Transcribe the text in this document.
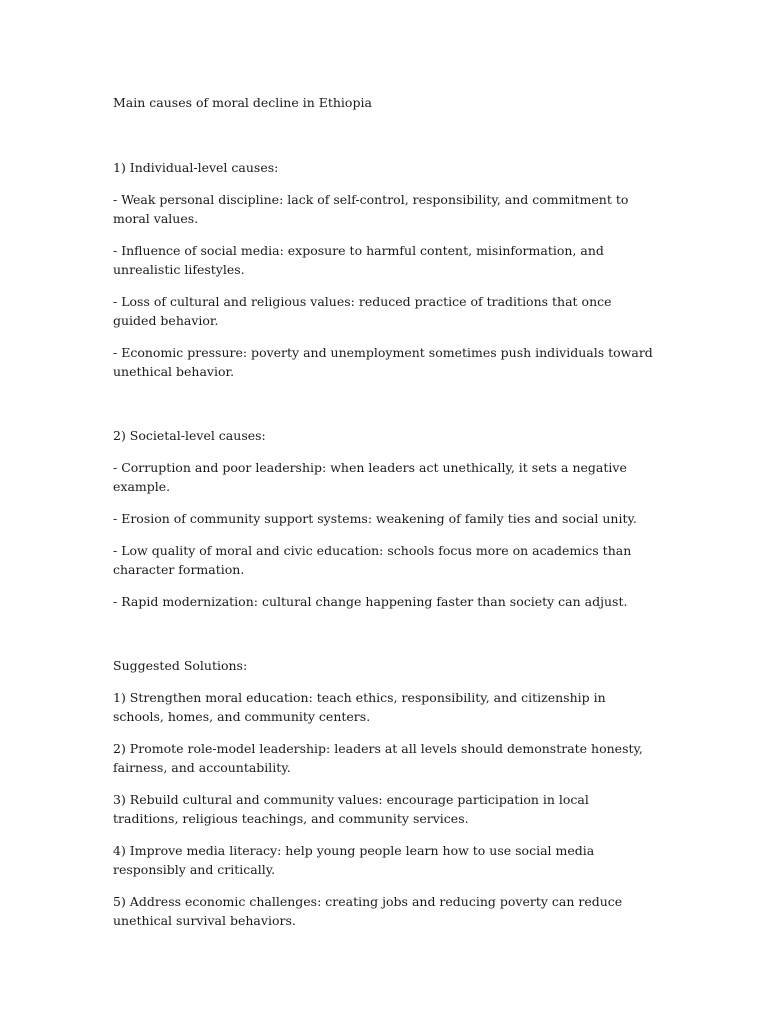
Main causes of moral decline in Ethiopia

1) Individual-level causes:

- Weak personal discipline: lack of self-control, responsibility, and commitment to moral values.

- Influence of social media: exposure to harmful content, misinformation, and unrealistic lifestyles.

- Loss of cultural and religious values: reduced practice of traditions that once guided behavior.

- Economic pressure: poverty and unemployment sometimes push individuals toward unethical behavior.

2) Societal-level causes:

- Corruption and poor leadership: when leaders act unethically, it sets a negative example.

- Erosion of community support systems: weakening of family ties and social unity.

- Low quality of moral and civic education: schools focus more on academics than character formation.

- Rapid modernization: cultural change happening faster than society can adjust.

Suggested Solutions:

1) Strengthen moral education: teach ethics, responsibility, and citizenship in schools, homes, and community centers.

2) Promote role-model leadership: leaders at all levels should demonstrate honesty, fairness, and accountability.

3) Rebuild cultural and community values: encourage participation in local traditions, religious teachings, and community services.

4) Improve media literacy: help young people learn how to use social media responsibly and critically.

5) Address economic challenges: creating jobs and reducing poverty can reduce unethical survival behaviors.
